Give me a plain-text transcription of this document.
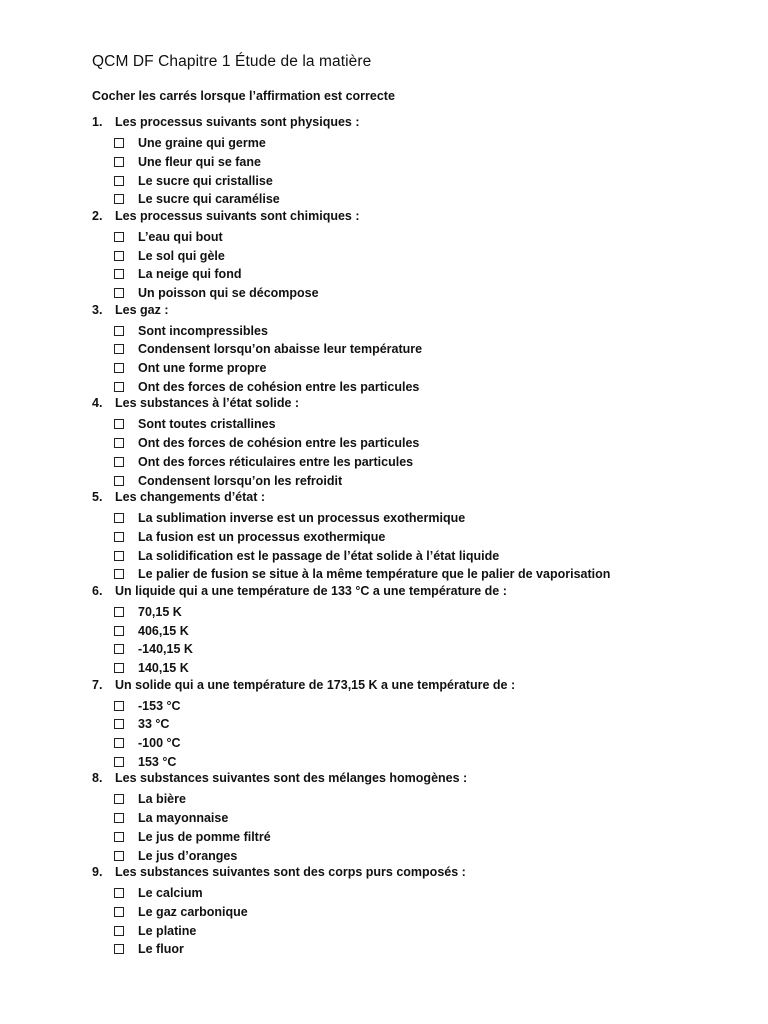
QCM DF Chapitre 1 Étude de la matière
Cocher les carrés lorsque l’affirmation est correcte
1.	Les processus suivants sont physiques :
Une graine qui germe
Une fleur qui se fane
Le sucre qui cristallise
Le sucre qui caramélise
2.	Les processus suivants sont chimiques :
L’eau qui bout
Le sol qui gèle
La neige qui fond
Un poisson qui se décompose
3.	Les gaz :
Sont incompressibles
Condensent lorsqu’on abaisse leur température
Ont une forme propre
Ont des forces de cohésion entre les particules
4.	Les substances à l’état solide :
Sont toutes cristallines
Ont des forces de cohésion entre les particules
Ont des forces réticulaires entre les particules
Condensent lorsqu’on les refroidit
5.	Les changements d’état :
La sublimation inverse est un processus exothermique
La fusion est un processus exothermique
La solidification est le passage de l’état solide à l’état liquide
Le palier de fusion se situe à la même température que le palier de vaporisation
6.	Un liquide qui a une température de 133 °C a une température de :
70,15 K
406,15 K
-140,15 K
140,15 K
7.	Un solide qui a une température de 173,15 K a une température de :
-153 °C
33 °C
-100 °C
153 °C
8.	Les substances suivantes sont des mélanges homogènes :
La bière
La mayonnaise
Le jus de pomme filtré
Le jus d’oranges
9.	Les substances suivantes sont des corps purs composés :
Le calcium
Le gaz carbonique
Le platine
Le fluor
